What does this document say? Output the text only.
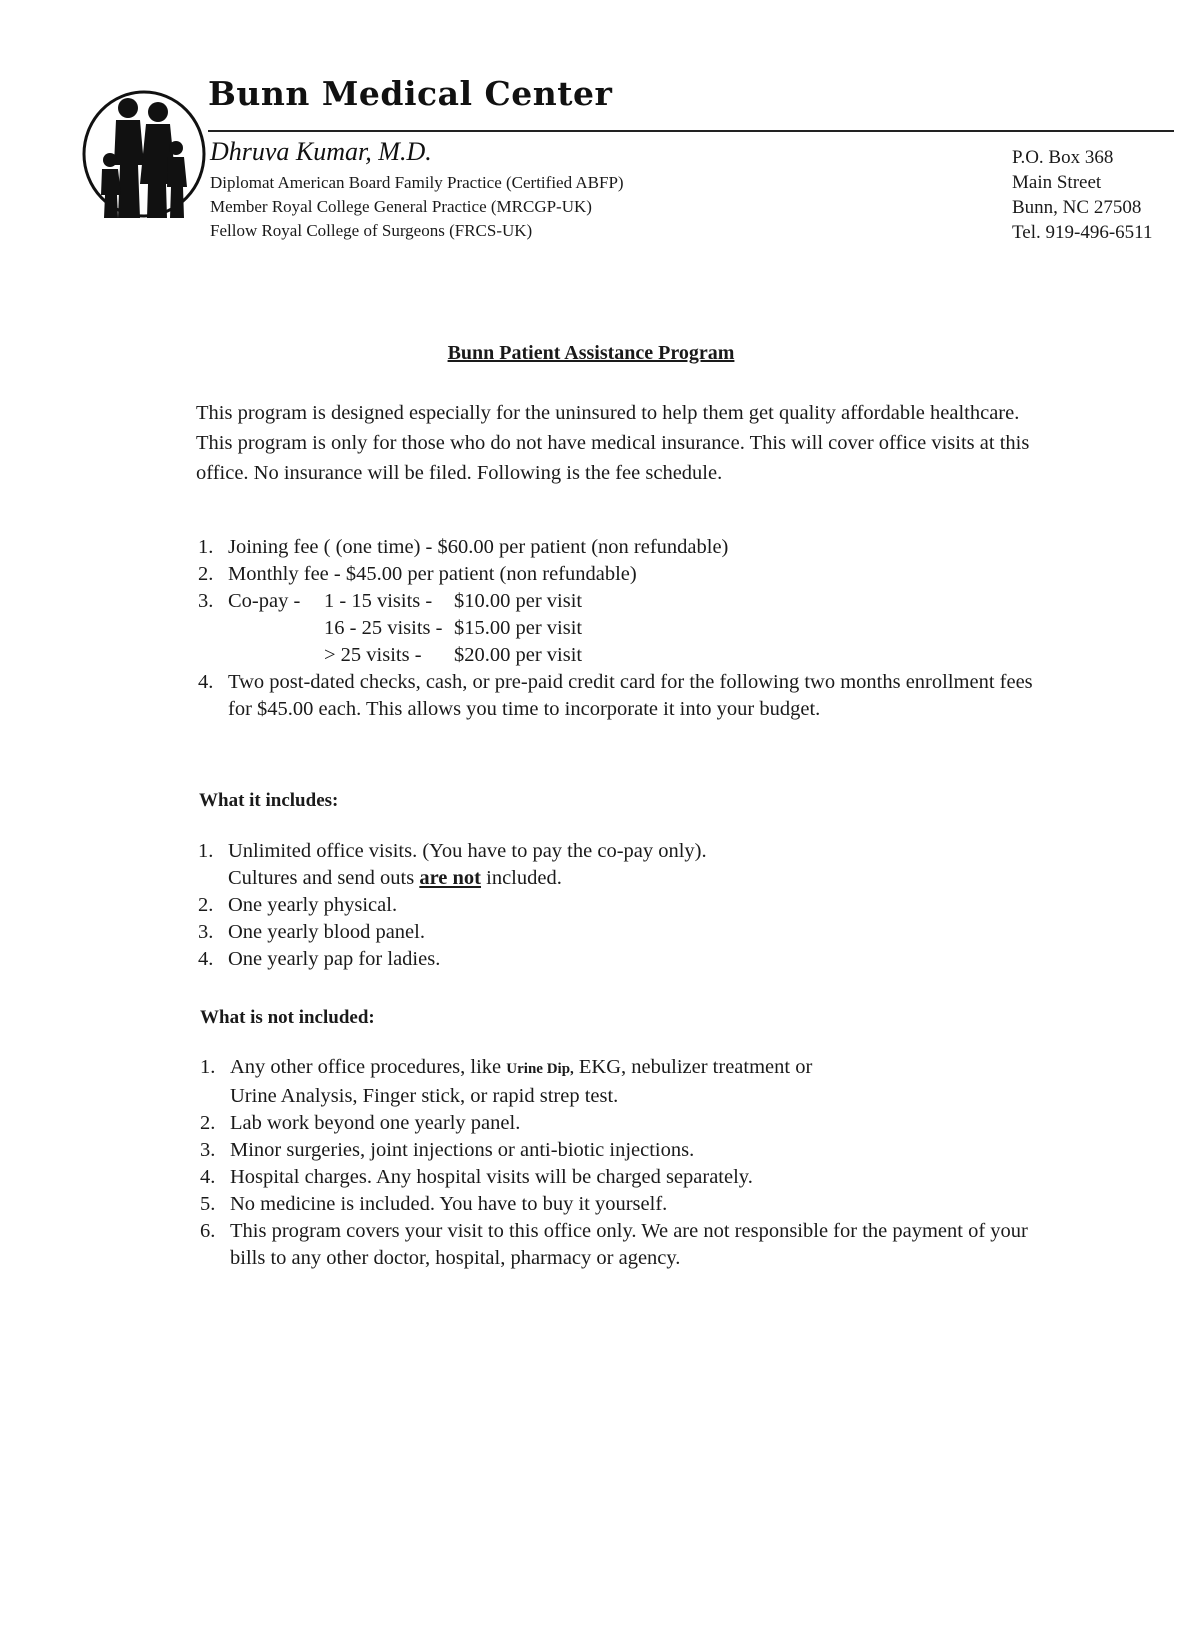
Bunn Medical Center
Dhruva Kumar, M.D.
Diplomat American Board Family Practice (Certified ABFP)
Member Royal College General Practice (MRCGP-UK)
Fellow Royal College of Surgeons (FRCS-UK)
P.O. Box 368
Main Street
Bunn, NC 27508
Tel. 919-496-6511
Bunn Patient Assistance Program

This program is designed especially for the uninsured to help them get quality affordable healthcare. This program is only for those who do not have medical insurance. This will cover office visits at this office. No insurance will be filed. Following is the fee schedule.

1. Joining fee ( (one time) - $60.00 per patient (non refundable)
2. Monthly fee - $45.00 per patient (non refundable)
3. Co-pay -	1 - 15 visits -	$10.00 per visit
16 - 25 visits - $15.00 per visit
> 25 visits -	$20.00 per visit
4. Two post-dated checks, cash, or pre-paid credit card for the following two months enrollment fees for $45.00 each. This allows you time to incorporate it into your budget.
What it includes:
1. Unlimited office visits. (You have to pay the co-pay only).
Cultures and send outs are not included.
2. One yearly physical.
3. One yearly blood panel.
4. One yearly pap for ladies.
What is not included:
1. Any other office procedures, like Urine Dip, EKG, nebulizer treatment or
Urine Analysis, Finger stick, or rapid strep test.
2. Lab work beyond one yearly panel.
3. Minor surgeries, joint injections or anti-biotic injections.
4. Hospital charges. Any hospital visits will be charged separately.
5. No medicine is included. You have to buy it yourself.
6. This program covers your visit to this office only. We are not responsible for the payment of your bills to any other doctor, hospital, pharmacy or agency.
